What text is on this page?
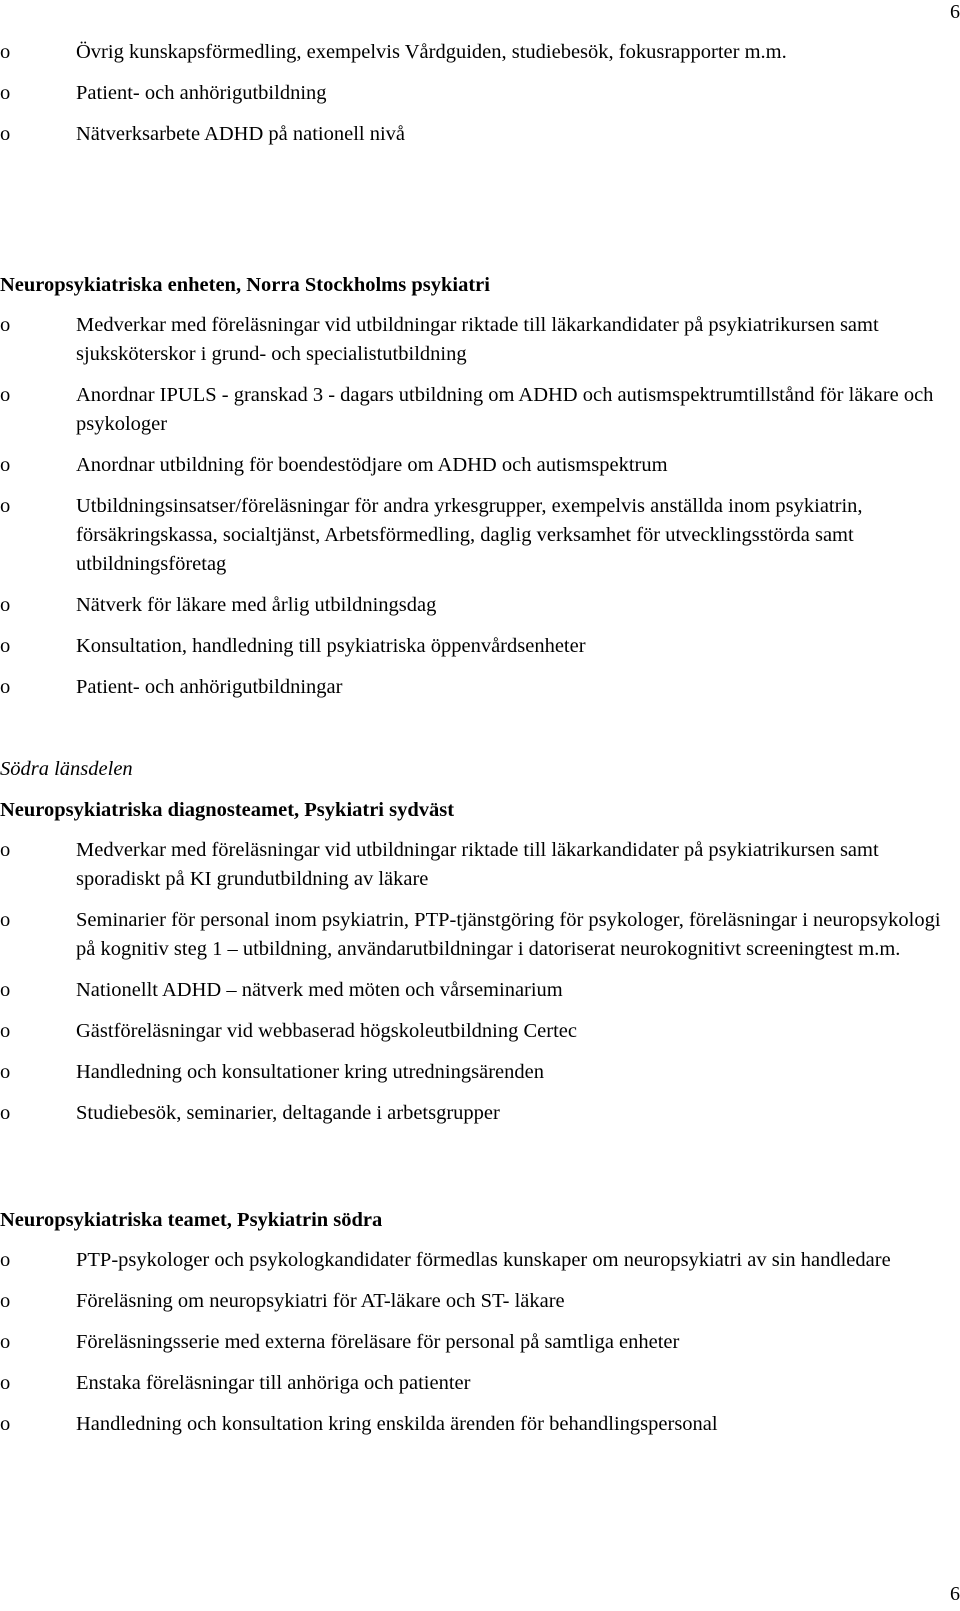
6
o	Övrig kunskapsförmedling, exempelvis Vårdguiden, studiebesök, fokusrapporter m.m.
o	Patient- och anhörigutbildning
o	Nätverksarbete ADHD på nationell nivå

Neuropsykiatriska enheten, Norra Stockholms psykiatri

o	Medverkar med föreläsningar vid utbildningar riktade till läkarkandidater på psykiatrikursen samt sjuksköterskor i grund- och specialistutbildning
o	Anordnar IPULS - granskad 3 - dagars utbildning om ADHD och autismspektrumtillstånd för läkare och psykologer
o	Anordnar utbildning för boendestödjare om ADHD och autismspektrum
o	Utbildningsinsatser/föreläsningar för andra yrkesgrupper, exempelvis anställda inom psykiatrin, försäkringskassa, socialtjänst, Arbetsförmedling, daglig verksamhet för utvecklingsstörda samt utbildningsföretag
o	Nätverk för läkare med årlig utbildningsdag
o	Konsultation, handledning till psykiatriska öppenvårdsenheter
o	Patient- och anhörigutbildningar

Södra länsdelen

Neuropsykiatriska diagnosteamet, Psykiatri sydväst

o	Medverkar med föreläsningar vid utbildningar riktade till läkarkandidater på psykiatrikursen samt sporadiskt på KI grundutbildning av läkare
o	Seminarier för personal inom psykiatrin, PTP-tjänstgöring för psykologer, föreläsningar i neuropsykologi på kognitiv steg 1 – utbildning, användarutbildningar i datoriserat neurokognitivt screeningtest m.m.
o	Nationellt ADHD – nätverk med möten och vårseminarium
o	Gästföreläsningar vid webbaserad högskoleutbildning Certec
o	Handledning och konsultationer kring utredningsärenden
o	Studiebesök, seminarier, deltagande i arbetsgrupper

Neuropsykiatriska teamet, Psykiatrin södra

o	PTP-psykologer och psykologkandidater förmedlas kunskaper om neuropsykiatri av sin handledare
o	Föreläsning om neuropsykiatri för AT-läkare och ST- läkare
o	Föreläsningsserie med externa föreläsare för personal på samtliga enheter
o	Enstaka föreläsningar till anhöriga och patienter
o	Handledning och konsultation kring enskilda ärenden för behandlingspersonal
6
